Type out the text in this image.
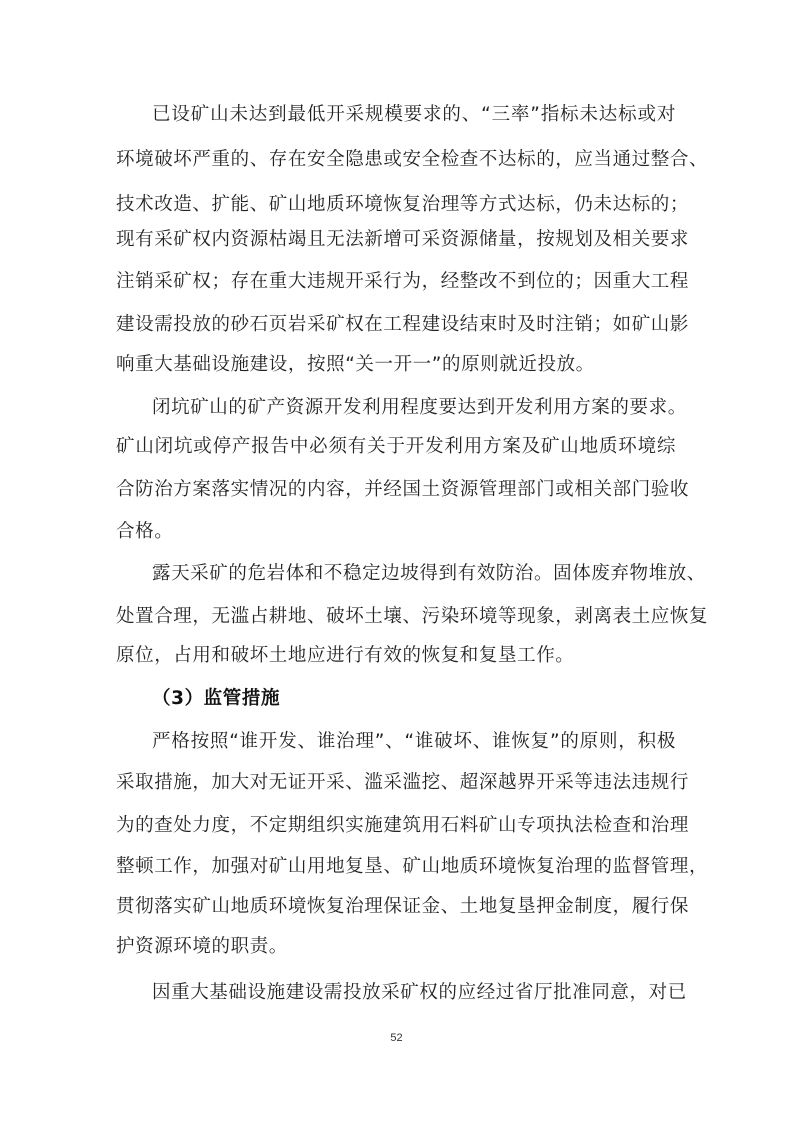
已设矿山未达到最低开采规模要求的、“三率”指标未达标或对
环境破坏严重的、存在安全隐患或安全检查不达标的，应当通过整合、
技术改造、扩能、矿山地质环境恢复治理等方式达标，仍未达标的；
现有采矿权内资源枯竭且无法新增可采资源储量，按规划及相关要求
注销采矿权；存在重大违规开采行为，经整改不到位的；因重大工程
建设需投放的砂石页岩采矿权在工程建设结束时及时注销；如矿山影
响重大基础设施建设，按照“关一开一”的原则就近投放。
闭坑矿山的矿产资源开发利用程度要达到开发利用方案的要求。
矿山闭坑或停产报告中必须有关于开发利用方案及矿山地质环境综
合防治方案落实情况的内容，并经国土资源管理部门或相关部门验收
合格。
露天采矿的危岩体和不稳定边坡得到有效防治。固体废弃物堆放、
处置合理，无滥占耕地、破坏土壤、污染环境等现象，剥离表土应恢复
原位，占用和破坏土地应进行有效的恢复和复垦工作。
（3）监管措施
严格按照“谁开发、谁治理”、“谁破坏、谁恢复”的原则，积极
采取措施，加大对无证开采、滥采滥挖、超深越界开采等违法违规行
为的查处力度，不定期组织实施建筑用石料矿山专项执法检查和治理
整顿工作，加强对矿山用地复垦、矿山地质环境恢复治理的监督管理，
贯彻落实矿山地质环境恢复治理保证金、土地复垦押金制度，履行保
护资源环境的职责。
因重大基础设施建设需投放采矿权的应经过省厅批准同意，对已
52
